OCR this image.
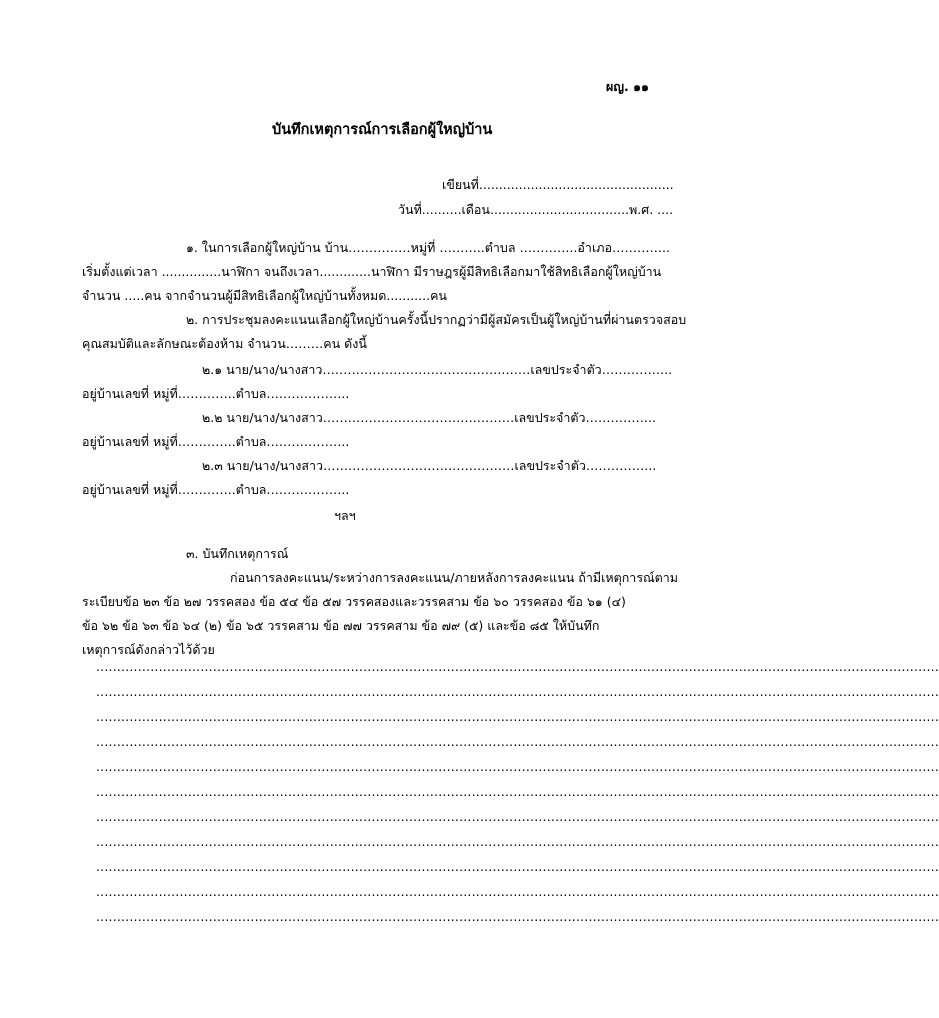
ผญ. ๑๑
บันทึกเหตุการณ์การเลือกผู้ใหญ่บ้าน
เขียนที่.................................................
วันที่..........เดือน...................................พ.ศ. ....
๑. ในการเลือกผู้ใหญ่บ้าน บ้าน……………หมู่ที่ ………..ตำบล …………..อำเภอ…………..
เริ่มตั้งแต่เวลา ...............นาฬิกา จนถึงเวลา.............นาฬิกา มีราษฎรผู้มีสิทธิเลือกมาใช้สิทธิเลือกผู้ใหญ่บ้าน
จำนวน .....คน จากจำนวนผู้มีสิทธิเลือกผู้ใหญ่บ้านทั้งหมด...........คน
๒. การประชุมลงคะแนนเลือกผู้ใหญ่บ้านครั้งนี้ปรากฏว่ามีผู้สมัครเป็นผู้ใหญ่บ้านที่ผ่านตรวจสอบ
คุณสมบัติและลักษณะต้องห้าม จำนวน………คน ดังนี้
๒.๑ นาย/นาง/นางสาว……………………………………..……เลขประจำตัว……………..
อยู่บ้านเลขที่ หมู่ที่…………..ตำบล………………..
๒.๒ นาย/นาง/นางสาว……………………………….………เลขประจำตัว……………..
อยู่บ้านเลขที่ หมู่ที่…………..ตำบล………………..
๒.๓ นาย/นาง/นางสาว……………………………….………เลขประจำตัว……………..
อยู่บ้านเลขที่ หมู่ที่…………..ตำบล………………..
ฯลฯ
๓. บันทึกเหตุการณ์
ก่อนการลงคะแนน/ระหว่างการลงคะแนน/ภายหลังการลงคะแนน ถ้ามีเหตุการณ์ตาม
ระเบียบข้อ ๒๓ ข้อ ๒๗ วรรคสอง ข้อ ๕๔ ข้อ ๕๗ วรรคสองและวรรคสาม ข้อ ๖๐ วรรคสอง ข้อ ๖๑ (๔)
ข้อ ๖๒ ข้อ ๖๓ ข้อ ๖๔ (๒) ข้อ ๖๕ วรรคสาม ข้อ ๗๗ วรรคสาม ข้อ ๗๙ (๕) และข้อ ๘๕ ให้บันทึก
เหตุการณ์ดังกล่าวไว้ด้วย
..........................................................................................................................................................................................................
..........................................................................................................................................................................................................
..........................................................................................................................................................................................................
..........................................................................................................................................................................................................
..........................................................................................................................................................................................................
..........................................................................................................................................................................................................
..........................................................................................................................................................................................................
..........................................................................................................................................................................................................
..........................................................................................................................................................................................................
..........................................................................................................................................................................................................
..........................................................................................................................................................................................................
